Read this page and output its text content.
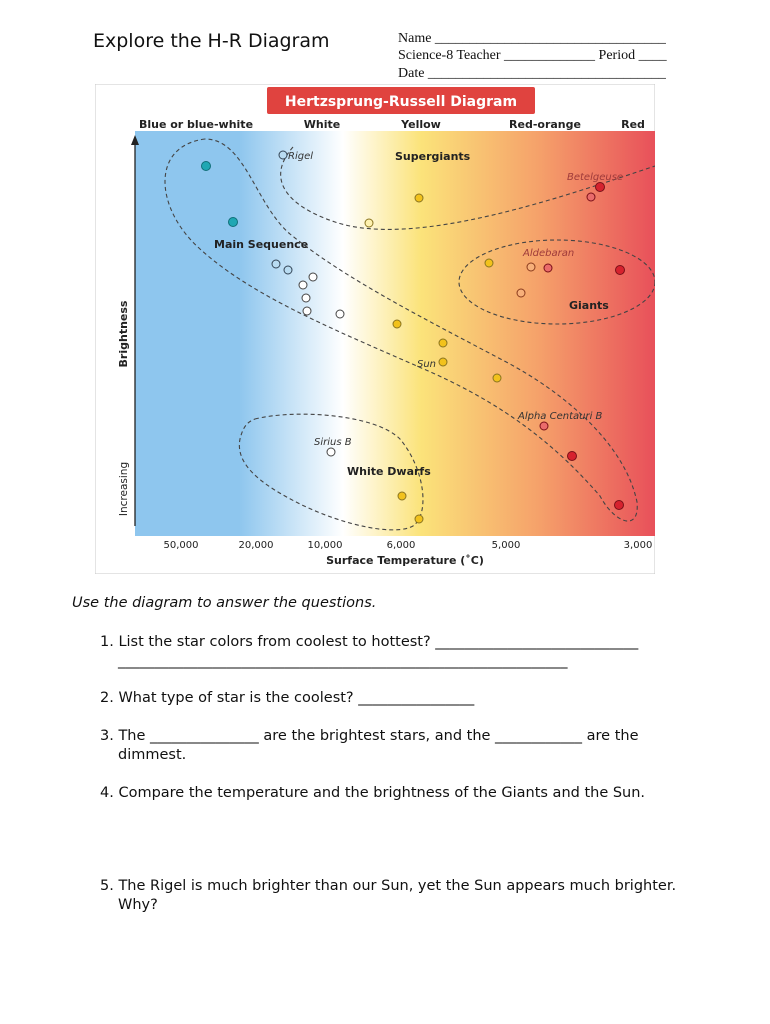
Explore the H-R Diagram	Name _________________________________
Science-8 Teacher _____________ Period ____
Date __________________________________
Hertzsprung-Russell Diagram
Blue or blue-white	White	Yellow	Red-orange	Red
Brightness
Increasing
50,000	20,000	10,000	6,000	5,000	3,000
Surface Temperature (˚C)
Supergiants
Main Sequence
Giants
White Dwarfs
Rigel
Betelgeuse
Aldebaran
Sun
Alpha Centauri B
Sirius B
Use the diagram to answer the questions.
1. List the star colors from coolest to hottest? ____________________________
______________________________________________________________
2. What type of star is the coolest? ________________
3. The _______________ are the brightest stars, and the ____________ are the
dimmest.
4. Compare the temperature and the brightness of the Giants and the Sun.
5. The Rigel is much brighter than our Sun, yet the Sun appears much brighter.
Why?
